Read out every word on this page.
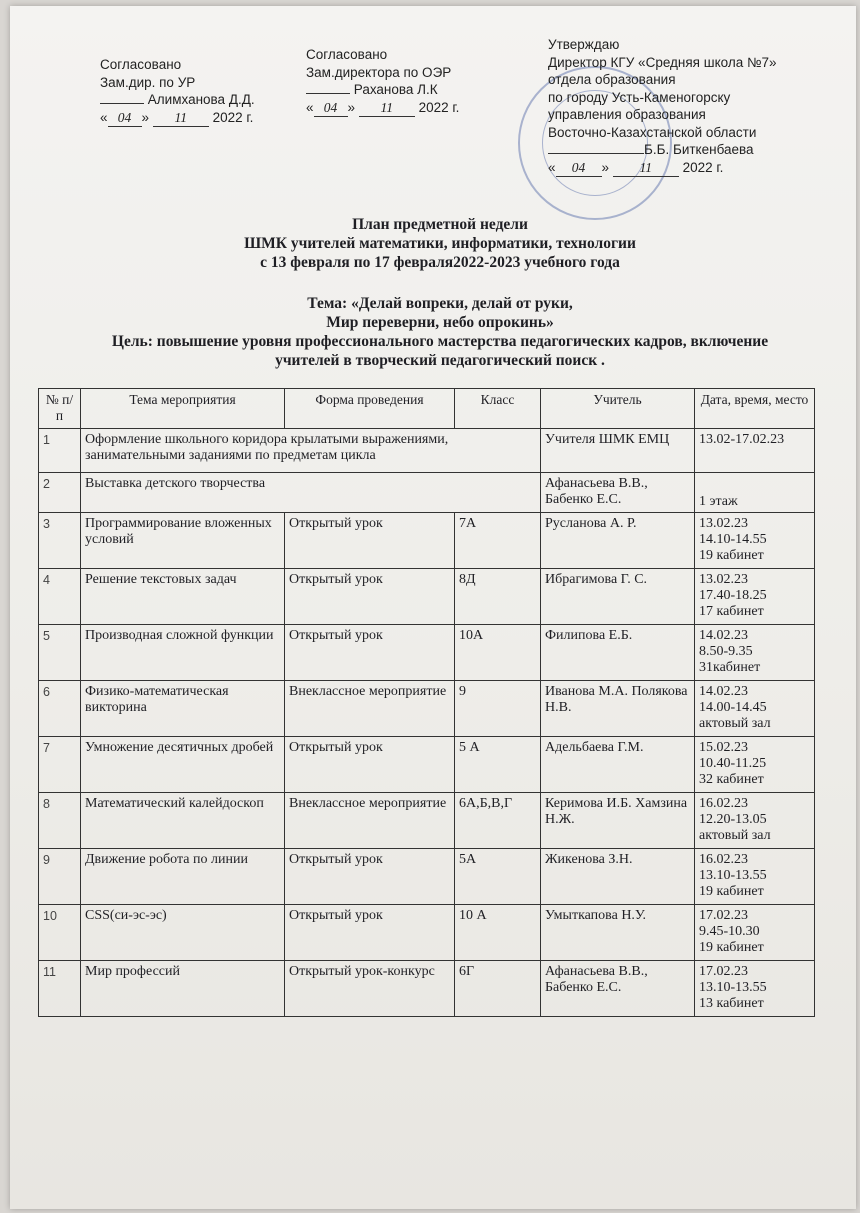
Согласовано
Зам.дир. по УР
Алимханова Д.Д.
« 04 » 11 2022 г.
Согласовано
Зам.директора по ОЭР
Раханова Л.К
« 04 » 11 2022 г.
Утверждаю
Директор КГУ «Средняя школа №7»
отдела образования
по городу Усть-Каменогорску
управления образования
Восточно-Казахстанской области
Б.Б. Биткенбаева
« 04 » 11 2022 г.
План предметной недели
ШМК учителей математики, информатики, технологии
с 13 февраля по 17 февраля2022-2023 учебного года
Тема: «Делай вопреки, делай от руки,
Мир переверни, небо опрокинь»
Цель: повышение уровня профессионального мастерства педагогических кадров, включение
учителей в творческий педагогический поиск .
№ п/п	Тема мероприятия	Форма проведения	Класс	Учитель	Дата, время, место
1	Оформление школьного коридора крылатыми выражениями, занимательными заданиями по предметам цикла			Учителя ШМК ЕМЦ	13.02-17.02.23
2	Выставка детского творчества			Афанасьева В.В., Бабенко Е.С.	1 этаж
3	Программирование вложенных условий	Открытый урок	7А	Русланова А. Р.	13.02.23
14.10-14.55
19 кабинет

4	Решение текстовых задач	Открытый урок	8Д	Ибрагимова Г. С.	13.02.23
17.40-18.25
17 кабинет

5	Производная сложной функции	Открытый урок	10А	Филипова Е.Б.	14.02.23
8.50-9.35
31кабинет

6	Физико-математическая викторина	Внеклассное мероприятие	9	Иванова М.А. Полякова Н.В.	14.02.23
14.00-14.45
актовый зал

7	Умножение десятичных дробей	Открытый урок	5 А	Адельбаева Г.М.	15.02.23
10.40-11.25
32 кабинет

8	Математический калейдоскоп	Внеклассное мероприятие	6А,Б,В,Г	Керимова И.Б. Хамзина Н.Ж.	16.02.23
12.20-13.05
актовый зал

9	Движение робота по линии	Открытый урок	5А	Жикенова З.Н.	16.02.23
13.10-13.55
19 кабинет

10	CSS(си-эс-эс)	Открытый урок	10 А	Умыткапова Н.У.	17.02.23
9.45-10.30
19 кабинет

11	Мир профессий	Открытый урок-конкурс	6Г	Афанасьева В.В., Бабенко Е.С.	17.02.23
13.10-13.55
13 кабинет
